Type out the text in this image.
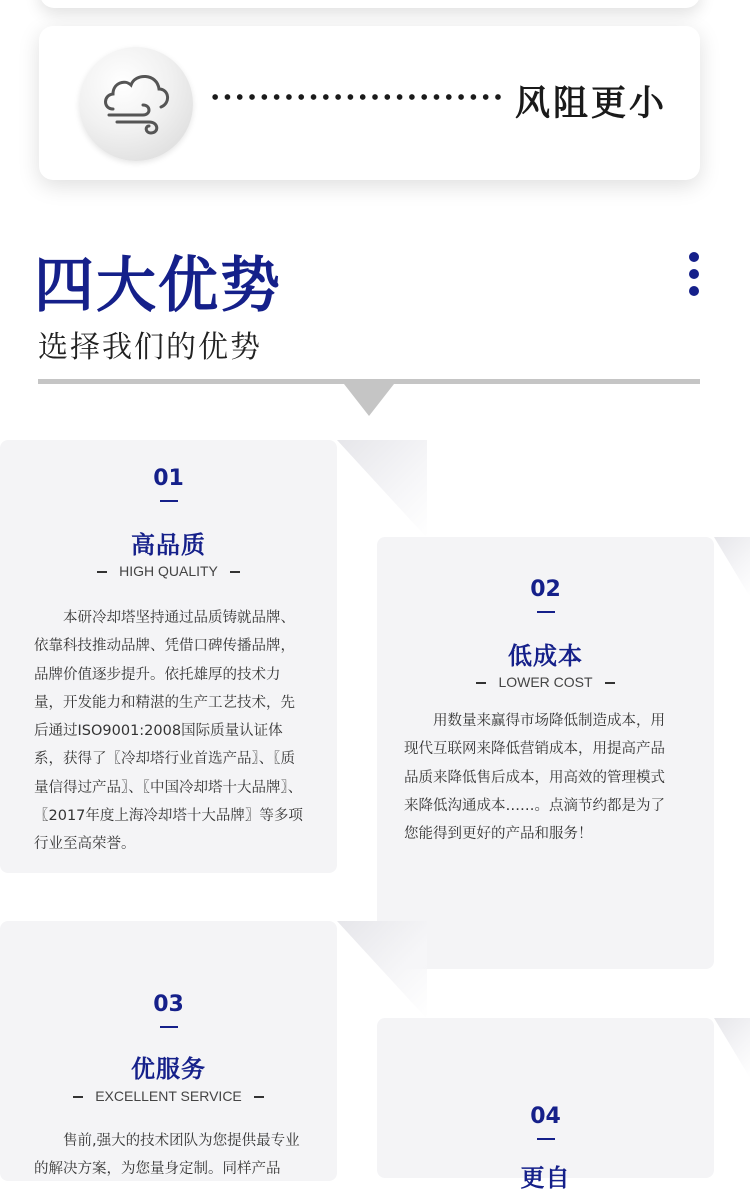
风阻更小
四大优势
选择我们的优势
01
高品质
HIGH QUALITY
本研冷却塔坚持通过品质铸就品牌、依靠科技推动品牌、凭借口碑传播品牌，品牌价值逐步提升。依托雄厚的技术力量，开发能力和精湛的生产工艺技术，先后通过ISO9001:2008国际质量认证体系，获得了〖冷却塔行业首选产品〗、〖质量信得过产品〗、〖中国冷却塔十大品牌〗、〖2017年度上海冷却塔十大品牌〗等多项行业至高荣誉。
02
低成本
LOWER COST
用数量来赢得市场降低制造成本，用现代互联网来降低营销成本，用提高产品品质来降低售后成本，用高效的管理模式来降低沟通成本……。点滴节约都是为了您能得到更好的产品和服务！
03
优服务
EXCELLENT SERVICE
售前,强大的技术团队为您提供最专业的解决方案，为您量身定制。同样产品
04
更自
